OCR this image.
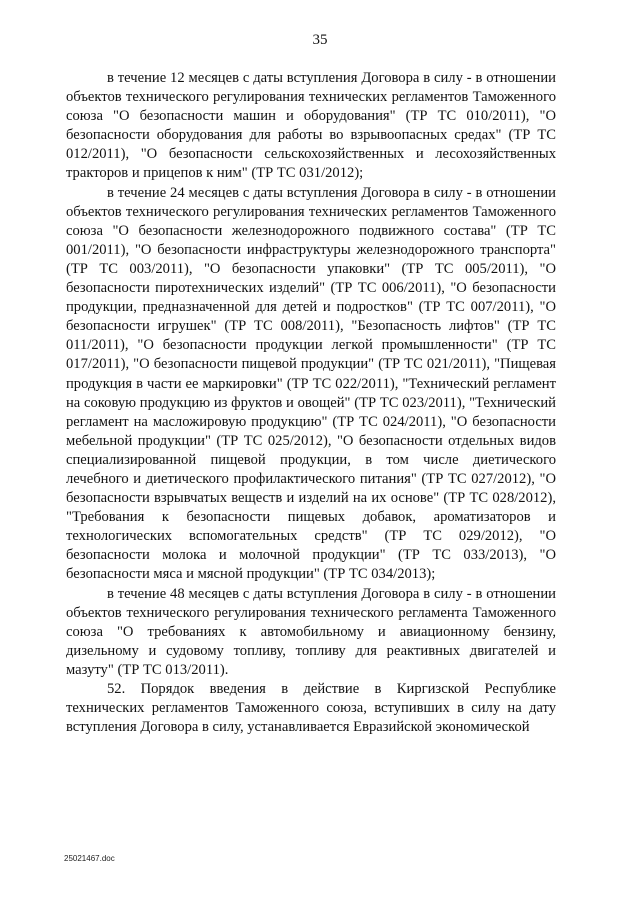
35

в течение 12 месяцев с даты вступления Договора в силу - в отношении объектов технического регулирования технических регламентов Таможенного союза "О безопасности машин и оборудования" (ТР ТС 010/2011), "О безопасности оборудования для работы во взрывоопасных средах" (ТР ТС 012/2011), "О безопасности сельскохозяйственных и лесохозяйственных тракторов и прицепов к ним" (ТР ТС 031/2012);

в течение 24 месяцев с даты вступления Договора в силу - в отношении объектов технического регулирования технических регламентов Таможенного союза "О безопасности железнодорожного подвижного состава" (ТР ТС 001/2011), "О безопасности инфраструктуры железнодорожного транспорта" (ТР ТС 003/2011), "О безопасности упаковки" (ТР ТС 005/2011), "О безопасности пиротехнических изделий" (ТР ТС 006/2011), "О безопасности продукции, предназначенной для детей и подростков" (ТР ТС 007/2011), "О безопасности игрушек" (ТР ТС 008/2011), "Безопасность лифтов" (ТР ТС 011/2011), "О безопасности продукции легкой промышленности" (ТР ТС 017/2011), "О безопасности пищевой продукции" (ТР ТС 021/2011), "Пищевая продукция в части ее маркировки" (ТР ТС 022/2011), "Технический регламент на соковую продукцию из фруктов и овощей" (ТР ТС 023/2011), "Технический регламент на масложировую продукцию" (ТР ТС 024/2011), "О безопасности мебельной продукции" (ТР ТС 025/2012), "О безопасности отдельных видов специализированной пищевой продукции, в том числе диетического лечебного и диетического профилактического питания" (ТР ТС 027/2012), "О безопасности взрывчатых веществ и изделий на их основе" (ТР ТС 028/2012), "Требования к безопасности пищевых добавок, ароматизаторов и технологических вспомогательных средств" (ТР ТС 029/2012), "О безопасности молока и молочной продукции" (ТР ТС 033/2013), "О безопасности мяса и мясной продукции" (ТР ТС 034/2013);

в течение 48 месяцев с даты вступления Договора в силу - в отношении объектов технического регулирования технического регламента Таможенного союза "О требованиях к автомобильному и авиационному бензину, дизельному и судовому топливу, топливу для реактивных двигателей и мазуту" (ТР ТС 013/2011).

52. Порядок введения в действие в Киргизской Республике технических регламентов Таможенного союза, вступивших в силу на дату вступления Договора в силу, устанавливается Евразийской экономической

25021467.doc
